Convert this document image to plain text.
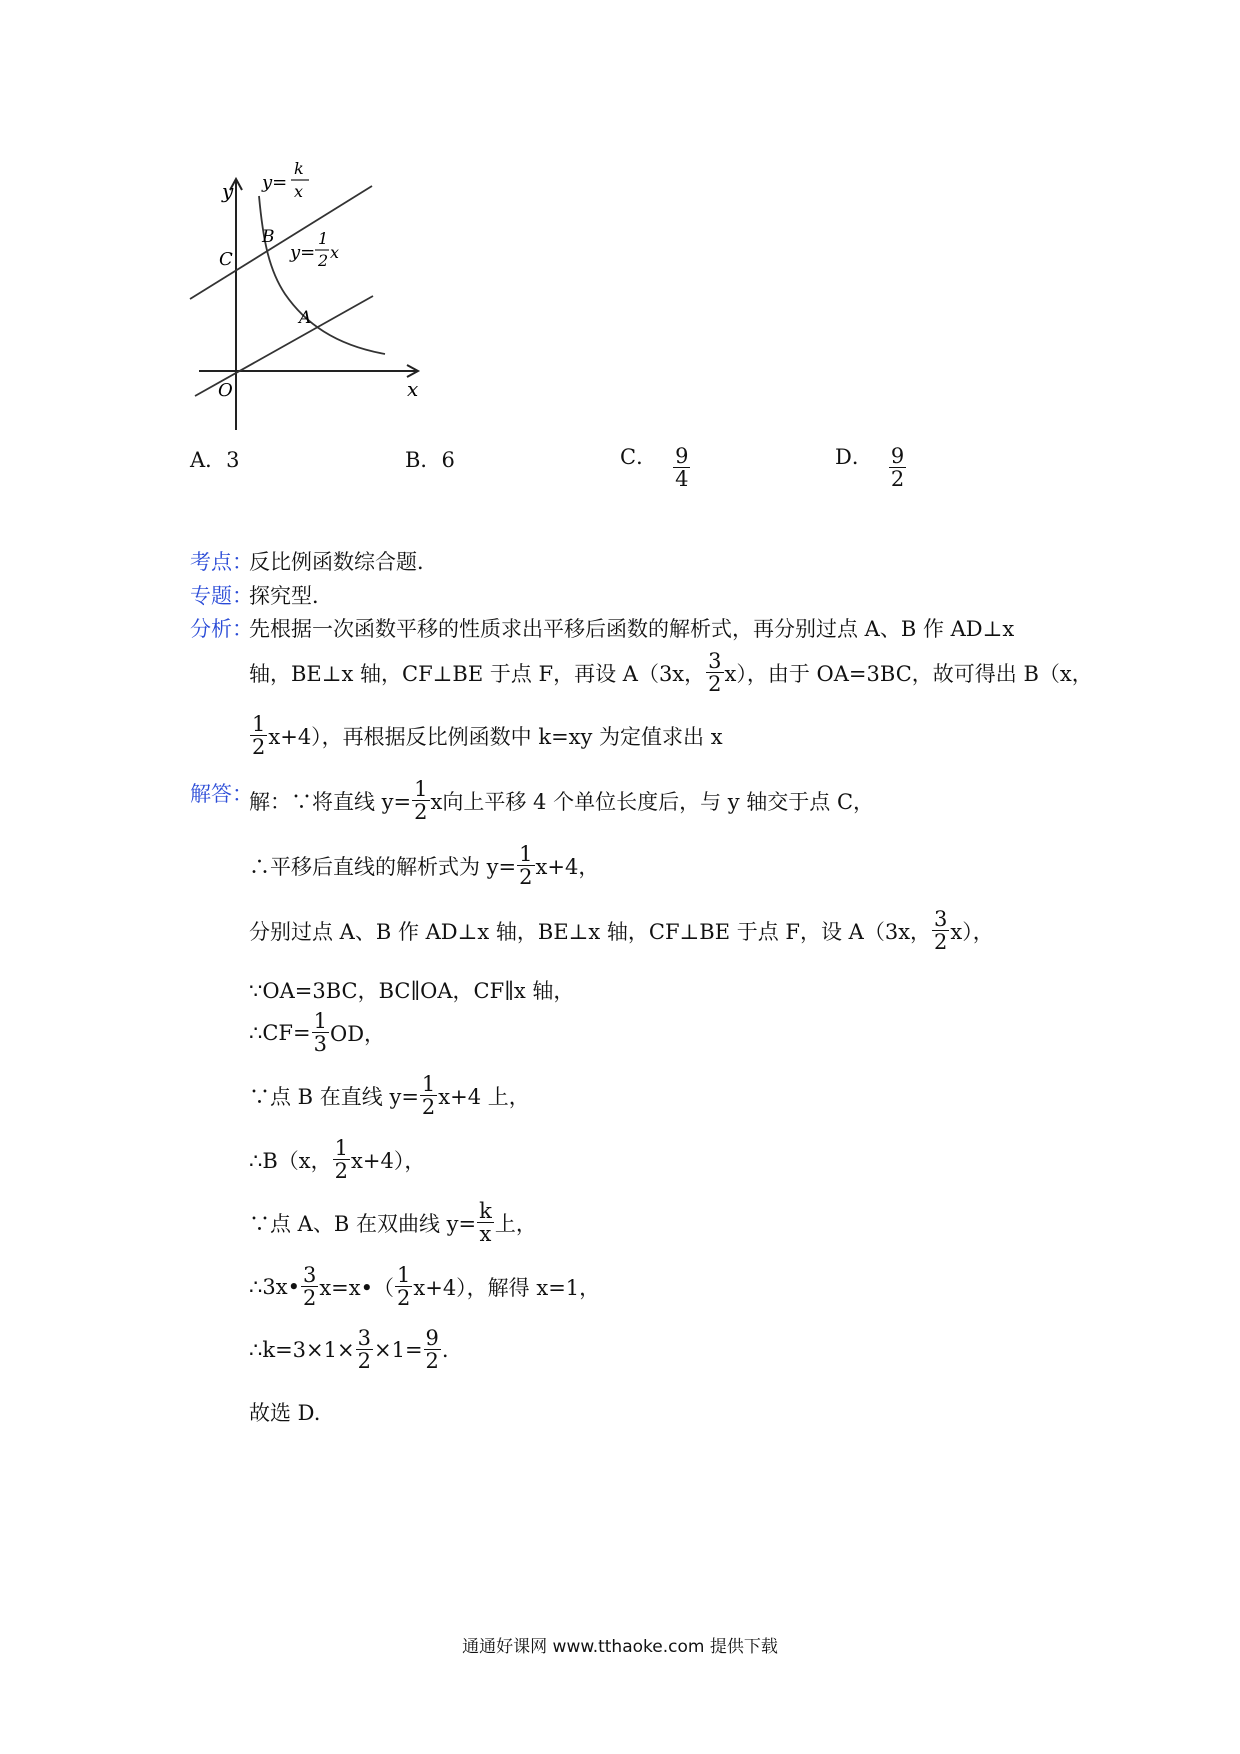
y
x
O
A
B
C
y=
k
x
y=
1
2 x
A．3	B．6	C． $\frac{9}{4}$	D． $\frac{9}{2}$
考点：
反比例函数综合题．
专题：
探究型．
分析：
先根据一次函数平移的性质求出平移后函数的解析式，再分别过点 A、B 作 AD⊥x
轴，BE⊥x 轴，CF⊥BE 于点 F，再设 A（3x， $\frac{3}{2} x$），由于 OA=3BC，故可得出 B（x，
$\frac{1}{2} x+4$），再根据反比例函数中 k=xy 为定值求出 x
解答：
解：∵将直线 $y= \frac{1}{2}$ x向上平移 4 个单位长度后，与 y 轴交于点 C，
∴平移后直线的解析式为 $y= \frac{1}{2} x+4$，
分别过点 A、B 作 AD⊥x 轴，BE⊥x 轴，CF⊥BE 于点 F，设 A（3x， $\frac{3}{2} x$），
∵OA=3BC，BC∥OA，CF∥x 轴，
∴CF= $\frac{1}{3}$ OD，
∵点 B 在直线 $y= \frac{1}{2} x+4$ 上，
∴B（x， $\frac{1}{2} x+4$），
∵点 A、B 在双曲线 $y= \frac{k}{x}$ 上，
∴3x• $\frac{3}{2}$ x=x•（ $\frac{1}{2} x+4$），解得 x=1，
∴k=3×1× $\frac{3}{2} \times 1= \frac{9}{2}$ .
故选 D.
通通好课网 www.tthaoke.com 提供下载
